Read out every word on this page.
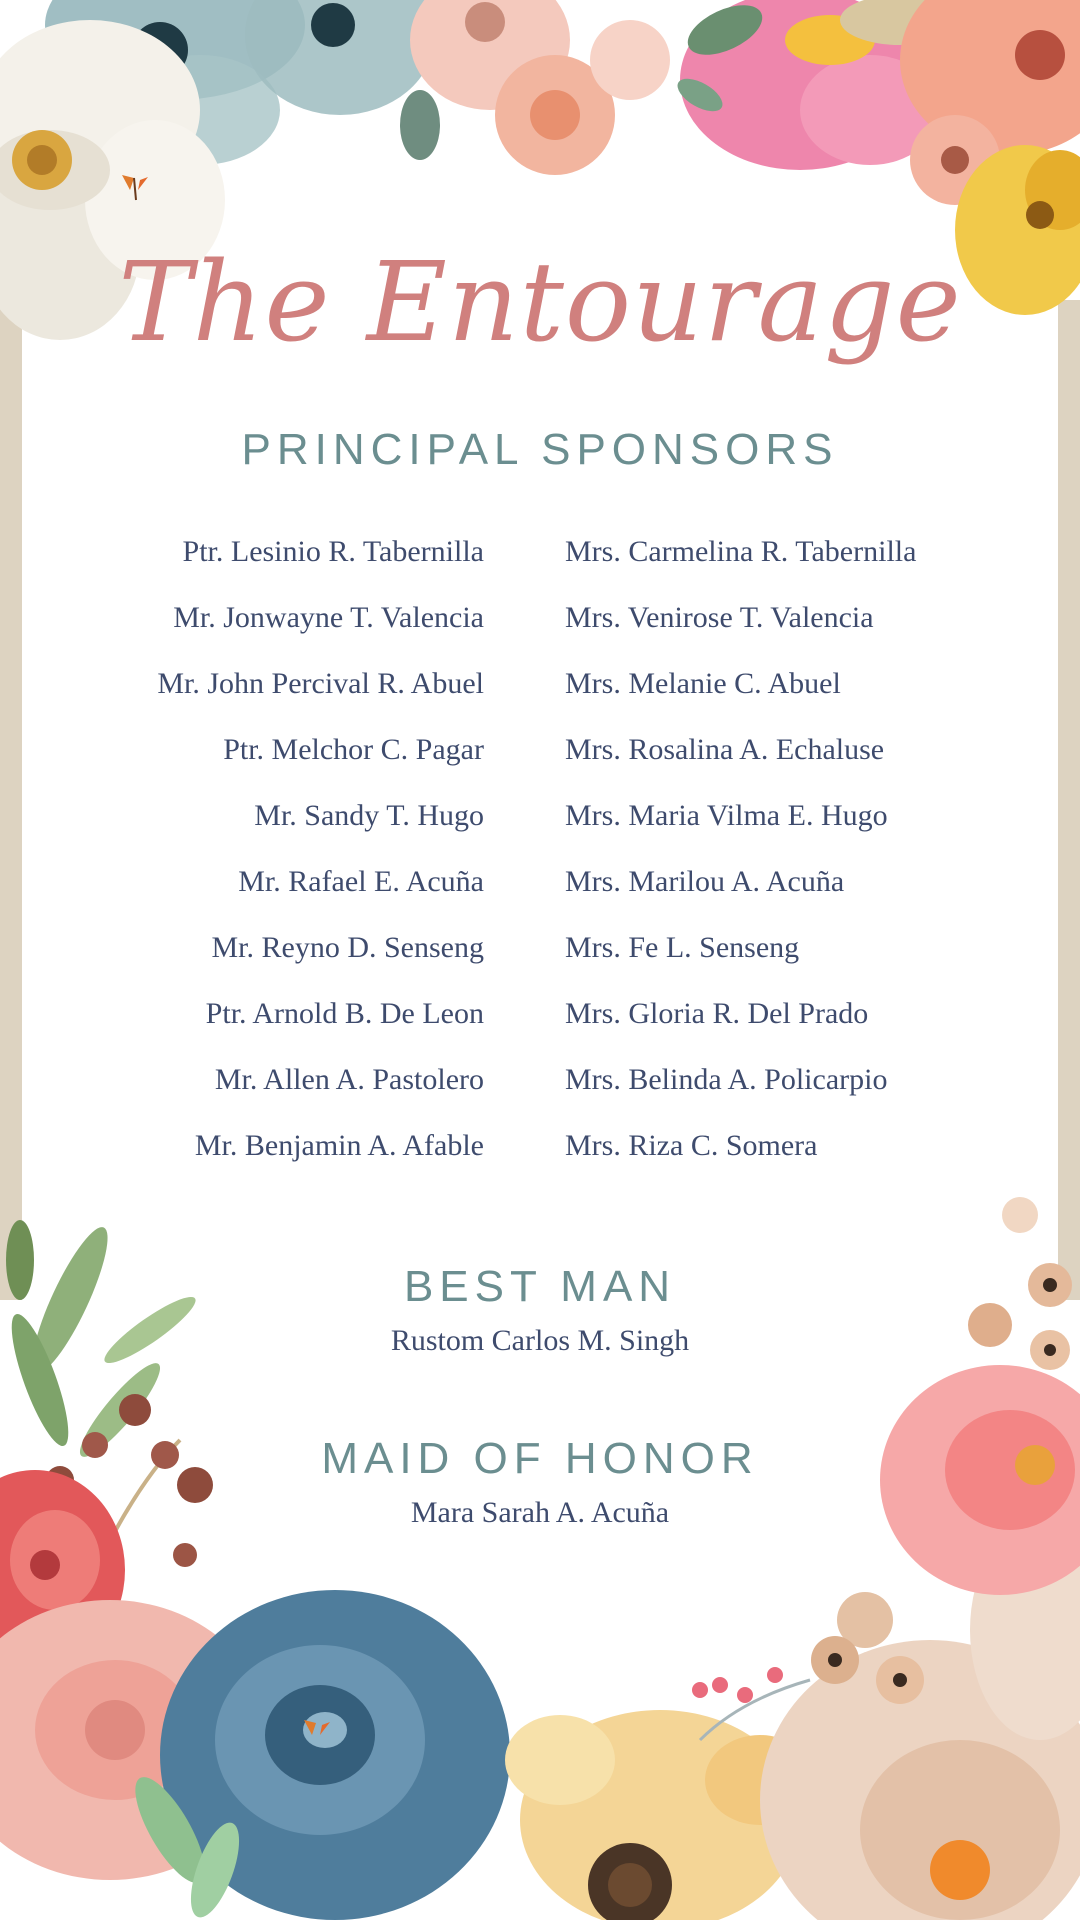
The Entourage
PRINCIPAL SPONSORS
Ptr. Lesinio R. Tabernilla
Mr. Jonwayne T. Valencia
Mr. John Percival R. Abuel
Ptr. Melchor C. Pagar
Mr. Sandy T. Hugo
Mr. Rafael E. Acuña
Mr. Reyno D. Senseng
Ptr. Arnold B. De Leon
Mr. Allen A. Pastolero
Mr. Benjamin A. Afable
Mrs. Carmelina R. Tabernilla
Mrs. Venirose T. Valencia
Mrs. Melanie C. Abuel
Mrs. Rosalina A. Echaluse
Mrs. Maria Vilma E. Hugo
Mrs. Marilou A. Acuña
Mrs. Fe L. Senseng
Mrs. Gloria R. Del Prado
Mrs. Belinda A. Policarpio
Mrs. Riza C. Somera
BEST MAN
Rustom Carlos M. Singh
MAID OF HONOR
Mara Sarah A. Acuña
